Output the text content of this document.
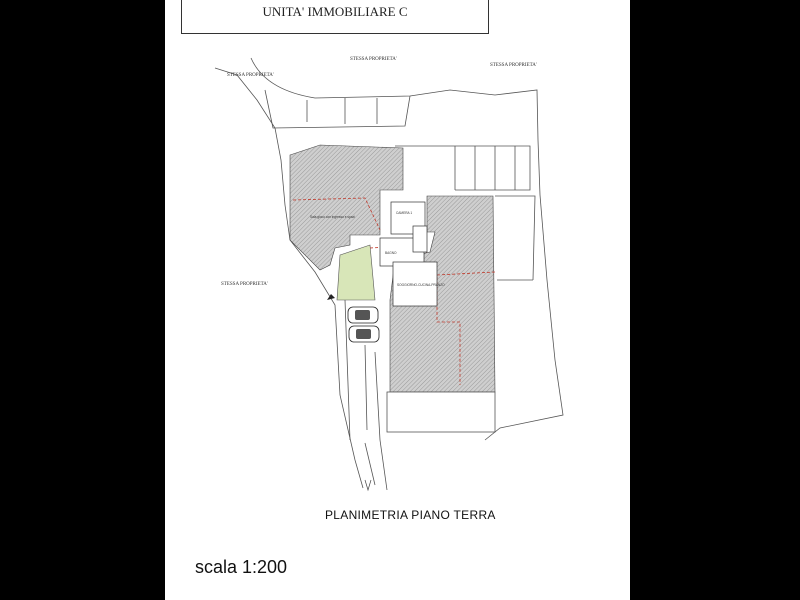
UNITA' IMMOBILIARE C
STESSA PROPRIETA'
STESSA PROPRIETA'
STESSA PROPRIETA'
STESSA PROPRIETA'
Sala gioco con ingresso e spazi
CAMERA 1
BAGNO
SOGGIORNO-CUCINA-PRANZO
PLANIMETRIA PIANO TERRA
scala 1:200
